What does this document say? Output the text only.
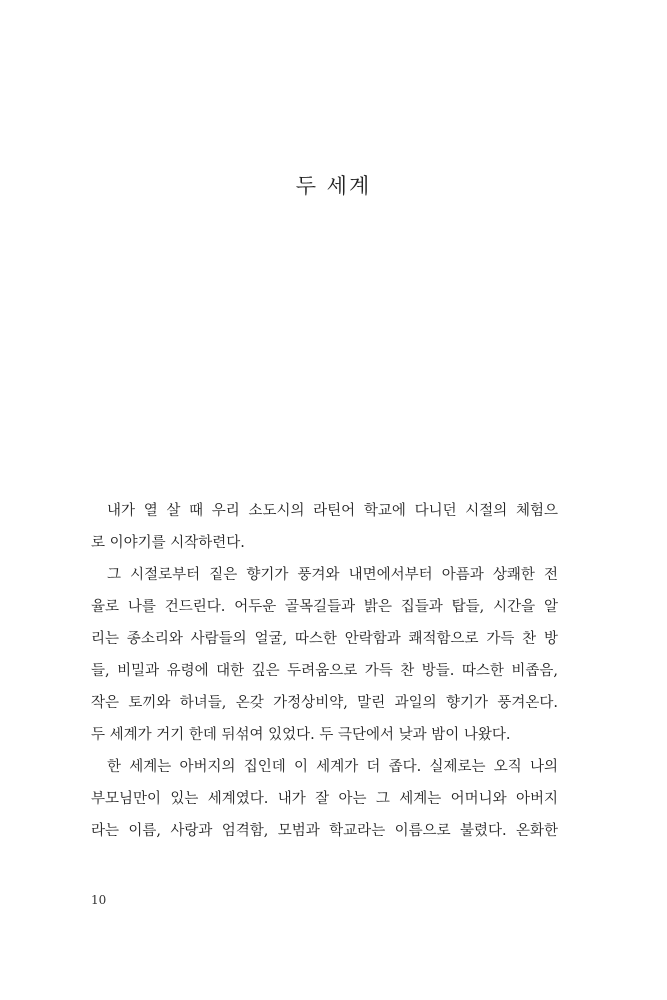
두 세계
내가 열 살 때 우리 소도시의 라틴어 학교에 다니던 시절의 체험으
로 이야기를 시작하련다.
그 시절로부터 짙은 향기가 풍겨와 내면에서부터 아픔과 상쾌한 전
율로 나를 건드린다. 어두운 골목길들과 밝은 집들과 탑들, 시간을 알
리는 종소리와 사람들의 얼굴, 따스한 안락함과 쾌적함으로 가득 찬 방
들, 비밀과 유령에 대한 깊은 두려움으로 가득 찬 방들. 따스한 비좁음,
작은 토끼와 하녀들, 온갖 가정상비약, 말린 과일의 향기가 풍겨온다.
두 세계가 거기 한데 뒤섞여 있었다. 두 극단에서 낮과 밤이 나왔다.
한 세계는 아버지의 집인데 이 세계가 더 좁다. 실제로는 오직 나의
부모님만이 있는 세계였다. 내가 잘 아는 그 세계는 어머니와 아버지
라는 이름, 사랑과 엄격함, 모범과 학교라는 이름으로 불렸다. 온화한
10
